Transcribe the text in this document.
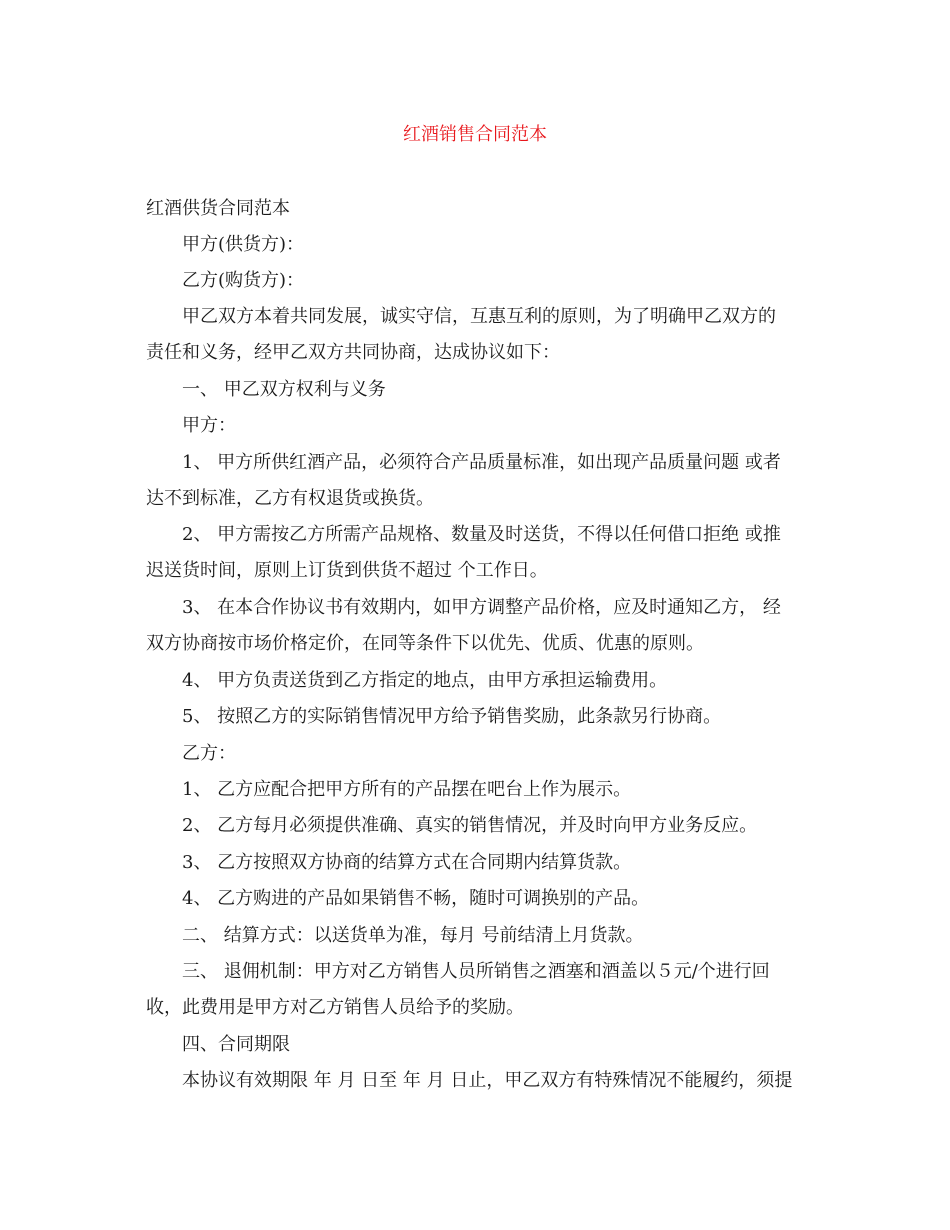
红酒销售合同范本
红酒供货合同范本
甲方(供货方)：
乙方(购货方)：
甲乙双方本着共同发展，诚实守信，互惠互利的原则，为了明确甲乙双方的
责任和义务，经甲乙双方共同协商，达成协议如下：
一、 甲乙双方权利与义务
甲方：
1、 甲方所供红酒产品，必须符合产品质量标准，如出现产品质量问题 或者
达不到标准，乙方有权退货或换货。
2、 甲方需按乙方所需产品规格、数量及时送货，不得以任何借口拒绝 或推
迟送货时间，原则上订货到供货不超过 个工作日。
3、 在本合作协议书有效期内，如甲方调整产品价格，应及时通知乙方， 经
双方协商按市场价格定价，在同等条件下以优先、优质、优惠的原则。
4、 甲方负责送货到乙方指定的地点，由甲方承担运输费用。
5、 按照乙方的实际销售情况甲方给予销售奖励，此条款另行协商。
乙方：
1、 乙方应配合把甲方所有的产品摆在吧台上作为展示。
2、 乙方每月必须提供准确、真实的销售情况，并及时向甲方业务反应。
3、 乙方按照双方协商的结算方式在合同期内结算货款。
4、 乙方购进的产品如果销售不畅，随时可调换别的产品。
二、 结算方式：以送货单为准，每月 号前结清上月货款。
三、 退佣机制：甲方对乙方销售人员所销售之酒塞和酒盖以５元/个进行回
收，此费用是甲方对乙方销售人员给予的奖励。
四、合同期限
本协议有效期限 年 月 日至 年 月 日止，甲乙双方有特殊情况不能履约，须提
